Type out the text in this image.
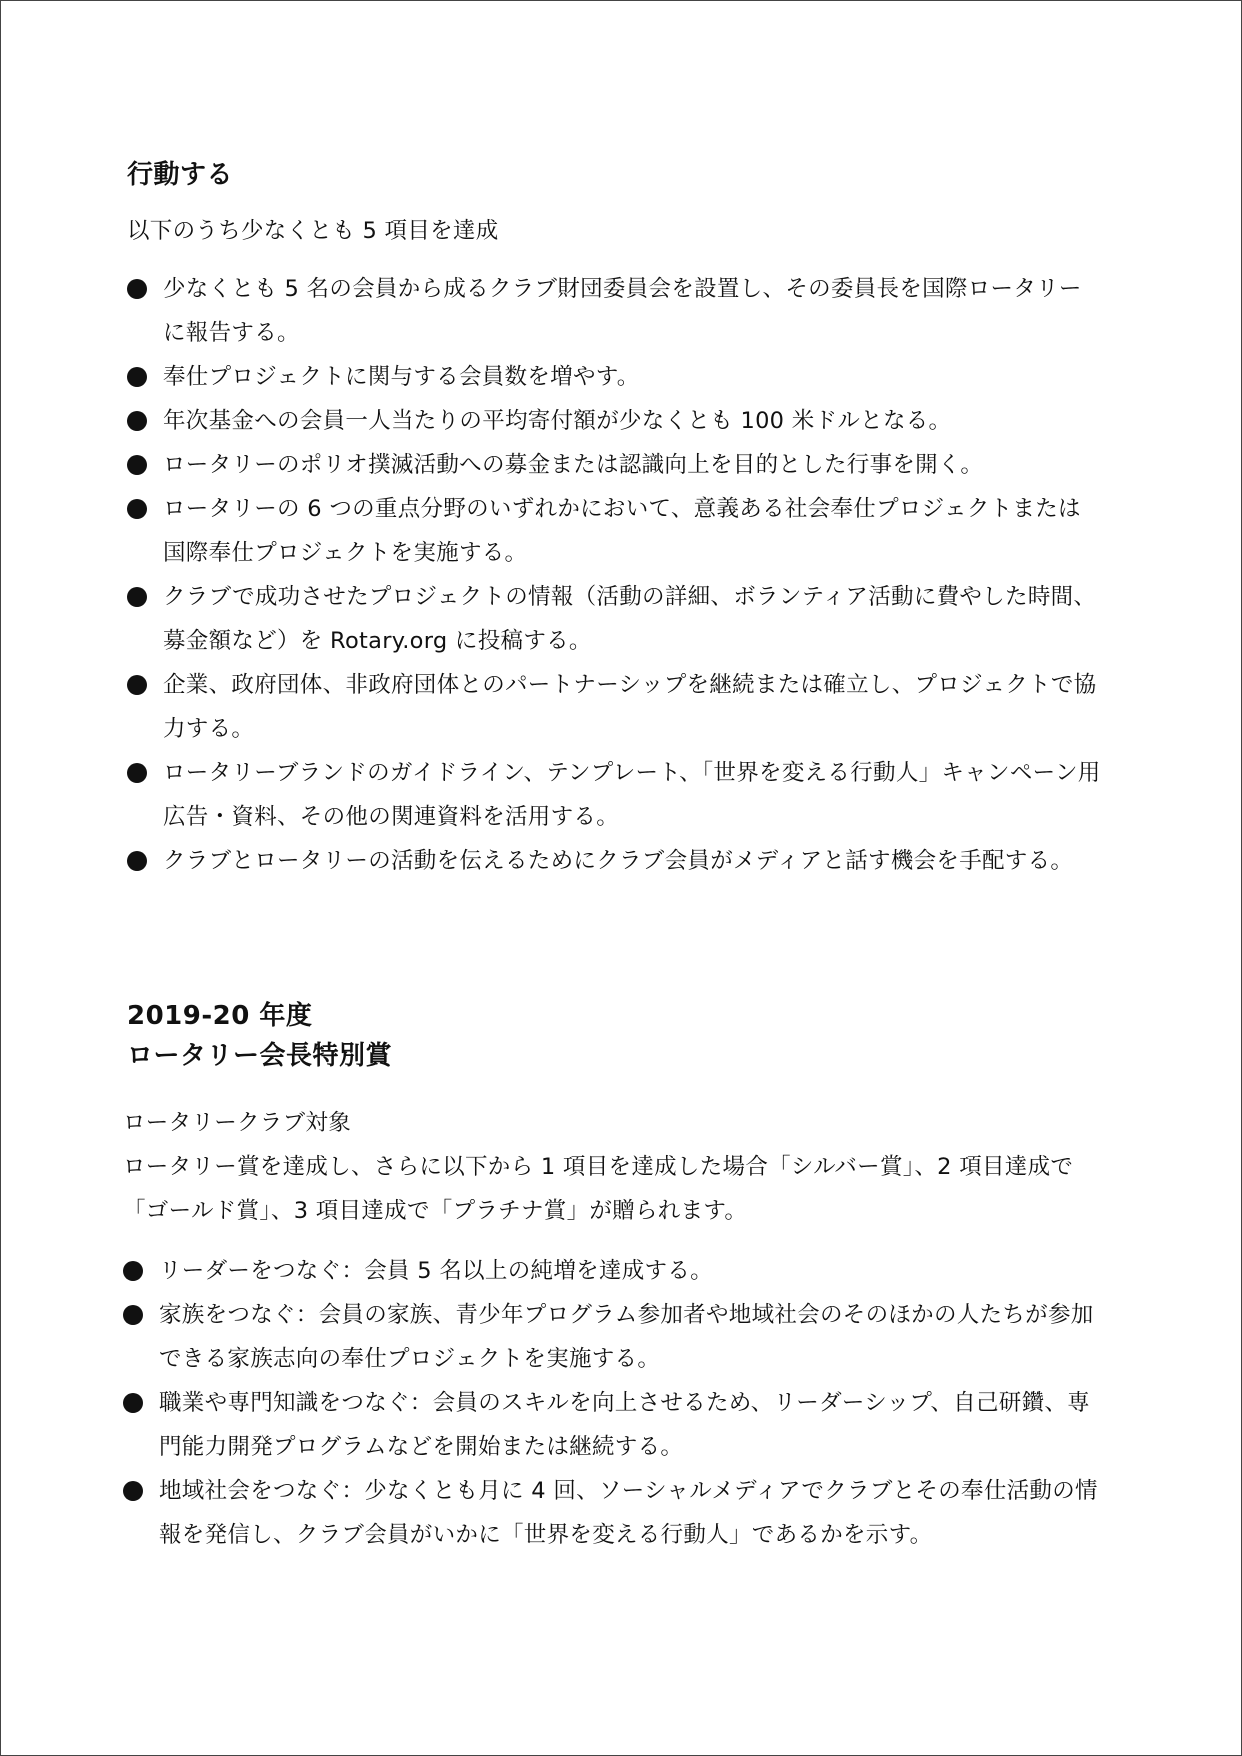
行動する

以下のうち少なくとも 5 項目を達成

少なくとも 5 名の会員から成るクラブ財団委員会を設置し、その委員長を国際ロータリーに報告する。
奉仕プロジェクトに関与する会員数を増やす。
年次基金への会員一人当たりの平均寄付額が少なくとも 100 米ドルとなる。
ロータリーのポリオ撲滅活動への募金または認識向上を目的とした行事を開く。
ロータリーの 6 つの重点分野のいずれかにおいて、意義ある社会奉仕プロジェクトまたは国際奉仕プロジェクトを実施する。
クラブで成功させたプロジェクトの情報（活動の詳細、ボランティア活動に費やした時間、募金額など）を Rotary.org に投稿する。
企業、政府団体、非政府団体とのパートナーシップを継続または確立し、プロジェクトで協力する。
ロータリーブランドのガイドライン、テンプレート、「世界を変える行動人」キャンペーン用広告・資料、その他の関連資料を活用する。
クラブとロータリーの活動を伝えるためにクラブ会員がメディアと話す機会を手配する。
2019-20 年度
ロータリー会長特別賞

ロータリークラブ対象

ロータリー賞を達成し、さらに以下から 1 項目を達成した場合「シルバー賞」、2 項目達成で「ゴールド賞」、3 項目達成で「プラチナ賞」が贈られます。

リーダーをつなぐ：会員 5 名以上の純増を達成する。
家族をつなぐ：会員の家族、青少年プログラム参加者や地域社会のそのほかの人たちが参加できる家族志向の奉仕プロジェクトを実施する。
職業や専門知識をつなぐ：会員のスキルを向上させるため、リーダーシップ、自己研鑽、専門能力開発プログラムなどを開始または継続する。
地域社会をつなぐ：少なくとも月に 4 回、ソーシャルメディアでクラブとその奉仕活動の情報を発信し、クラブ会員がいかに「世界を変える行動人」であるかを示す。
